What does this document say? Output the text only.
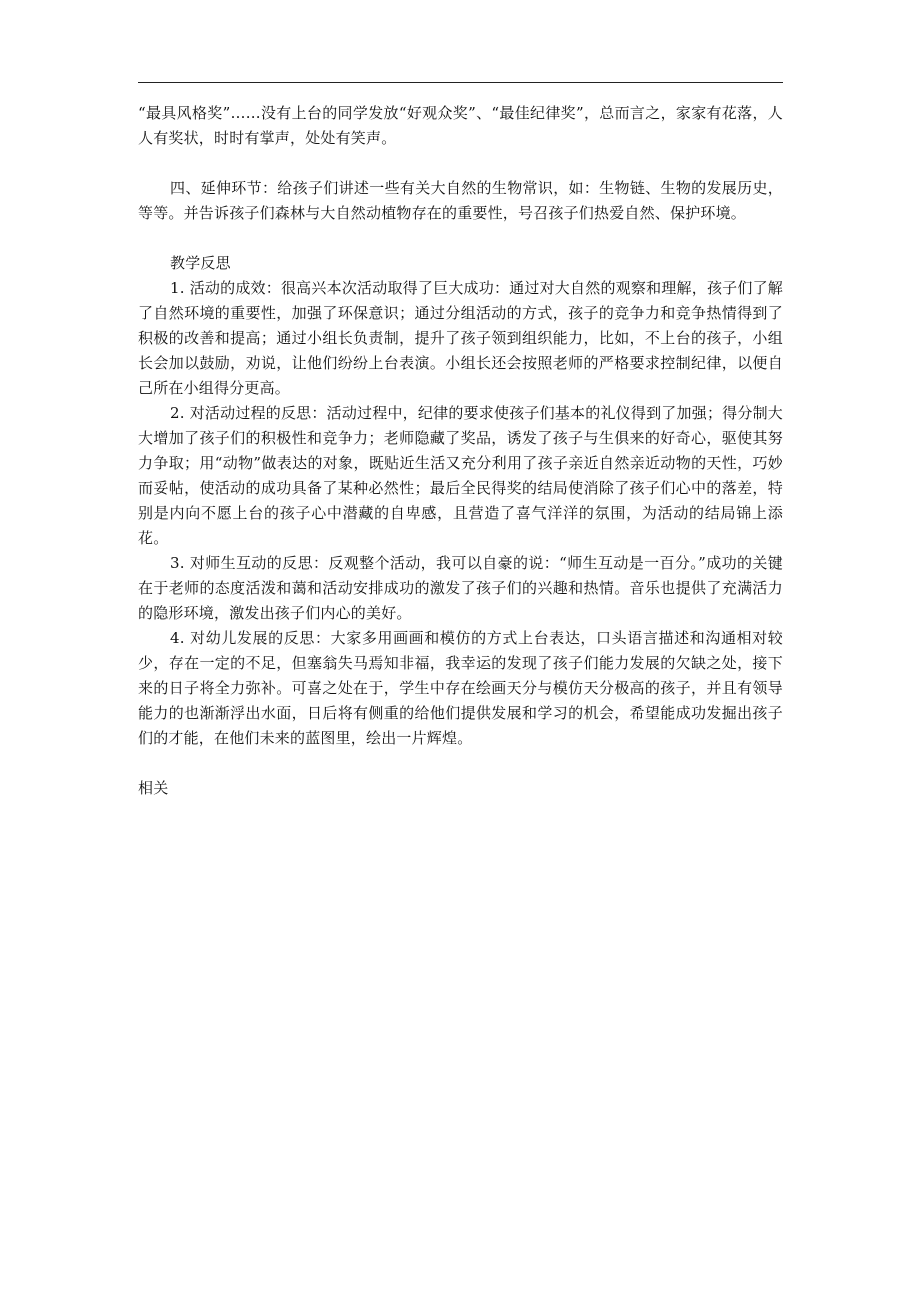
“最具风格奖”……没有上台的同学发放“好观众奖”、“最佳纪律奖”，总而言之，家家有花落，人人有奖状，时时有掌声，处处有笑声。

四、延伸环节：给孩子们讲述一些有关大自然的生物常识，如：生物链、生物的发展历史，等等。并告诉孩子们森林与大自然动植物存在的重要性，号召孩子们热爱自然、保护环境。

教学反思

1. 活动的成效：很高兴本次活动取得了巨大成功：通过对大自然的观察和理解，孩子们了解了自然环境的重要性，加强了环保意识；通过分组活动的方式，孩子的竞争力和竞争热情得到了积极的改善和提高；通过小组长负责制，提升了孩子领到组织能力，比如，不上台的孩子，小组长会加以鼓励，劝说，让他们纷纷上台表演。小组长还会按照老师的严格要求控制纪律，以便自己所在小组得分更高。

2. 对活动过程的反思：活动过程中，纪律的要求使孩子们基本的礼仪得到了加强；得分制大大增加了孩子们的积极性和竞争力；老师隐藏了奖品，诱发了孩子与生俱来的好奇心，驱使其努力争取；用“动物”做表达的对象，既贴近生活又充分利用了孩子亲近自然亲近动物的天性，巧妙而妥帖，使活动的成功具备了某种必然性；最后全民得奖的结局使消除了孩子们心中的落差，特别是内向不愿上台的孩子心中潜藏的自卑感，且营造了喜气洋洋的氛围，为活动的结局锦上添花。

3. 对师生互动的反思：反观整个活动，我可以自豪的说：“师生互动是一百分。”成功的关键在于老师的态度活泼和蔼和活动安排成功的激发了孩子们的兴趣和热情。音乐也提供了充满活力的隐形环境，激发出孩子们内心的美好。

4. 对幼儿发展的反思：大家多用画画和模仿的方式上台表达，口头语言描述和沟通相对较少，存在一定的不足，但塞翁失马焉知非福，我幸运的发现了孩子们能力发展的欠缺之处，接下来的日子将全力弥补。可喜之处在于，学生中存在绘画天分与模仿天分极高的孩子，并且有领导能力的也渐渐浮出水面，日后将有侧重的给他们提供发展和学习的机会，希望能成功发掘出孩子们的才能，在他们未来的蓝图里，绘出一片辉煌。

相关
